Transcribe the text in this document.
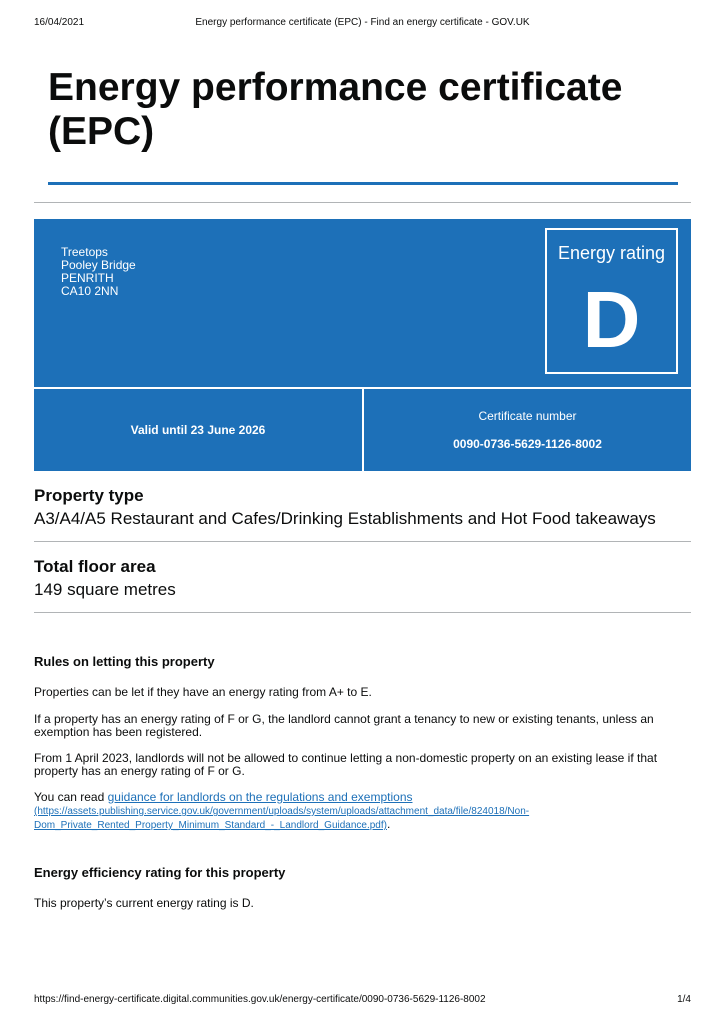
16/04/2021	Energy performance certificate (EPC) - Find an energy certificate - GOV.UK
Energy performance certificate (EPC)
Treetops
Pooley Bridge
PENRITH
CA10 2NN
Energy rating
D
Valid until 23 June 2026
Certificate number
0090-0736-5629-1126-8002
Property type

A3/A4/A5 Restaurant and Cafes/Drinking Establishments and Hot Food takeaways

Total floor area

149 square metres

Rules on letting this property

Properties can be let if they have an energy rating from A+ to E.

If a property has an energy rating of F or G, the landlord cannot grant a tenancy to new or existing tenants, unless an exemption has been registered.

From 1 April 2023, landlords will not be allowed to continue letting a non-domestic property on an existing lease if that property has an energy rating of F or G.

You can read guidance for landlords on the regulations and exemptions
(https://assets.publishing.service.gov.uk/government/uploads/system/uploads/attachment_data/file/824018/Non-Dom_Private_Rented_Property_Minimum_Standard_-_Landlord_Guidance.pdf).

Energy efficiency rating for this property

This property’s current energy rating is D.

https://find-energy-certificate.digital.communities.gov.uk/energy-certificate/0090-0736-5629-1126-8002	1/4
